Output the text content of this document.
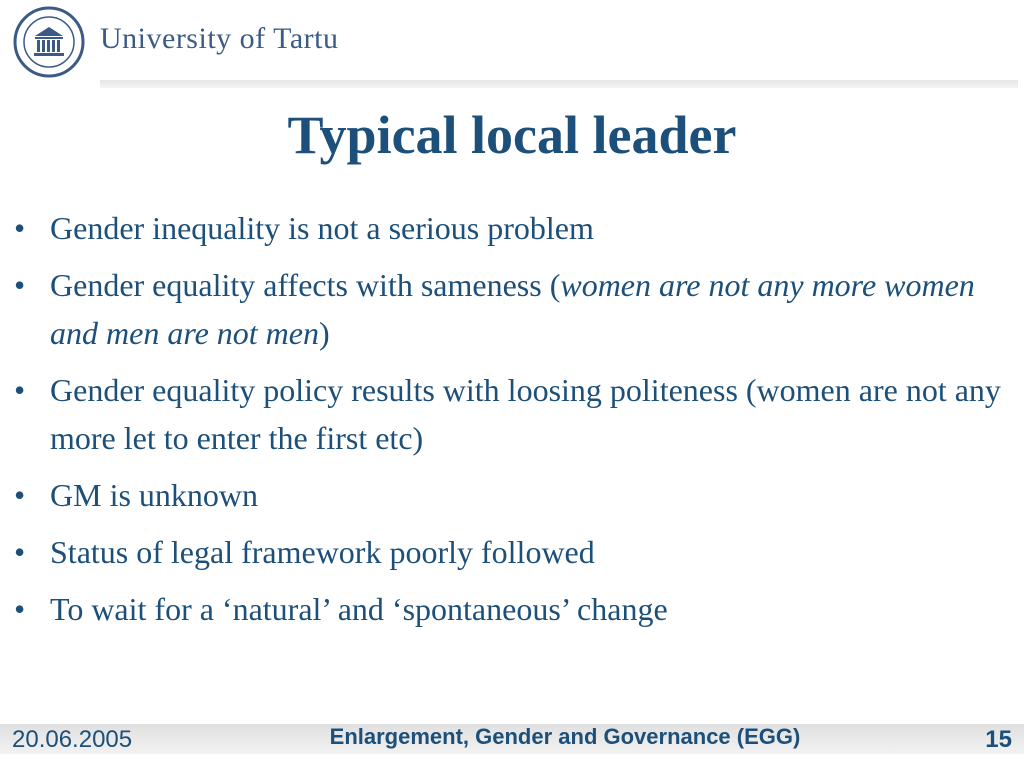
University of Tartu
Typical local leader
• Gender inequality is not a serious problem
• Gender equality affects with sameness (women are not any more women and men are not men)
• Gender equality policy results with loosing politeness (women are not any more let to enter the first etc)
• GM is unknown
• Status of legal framework poorly followed
• To wait for a ‘natural’ and ‘spontaneous’ change
20.06.2005	Enlargement, Gender and Governance (EGG)	15
